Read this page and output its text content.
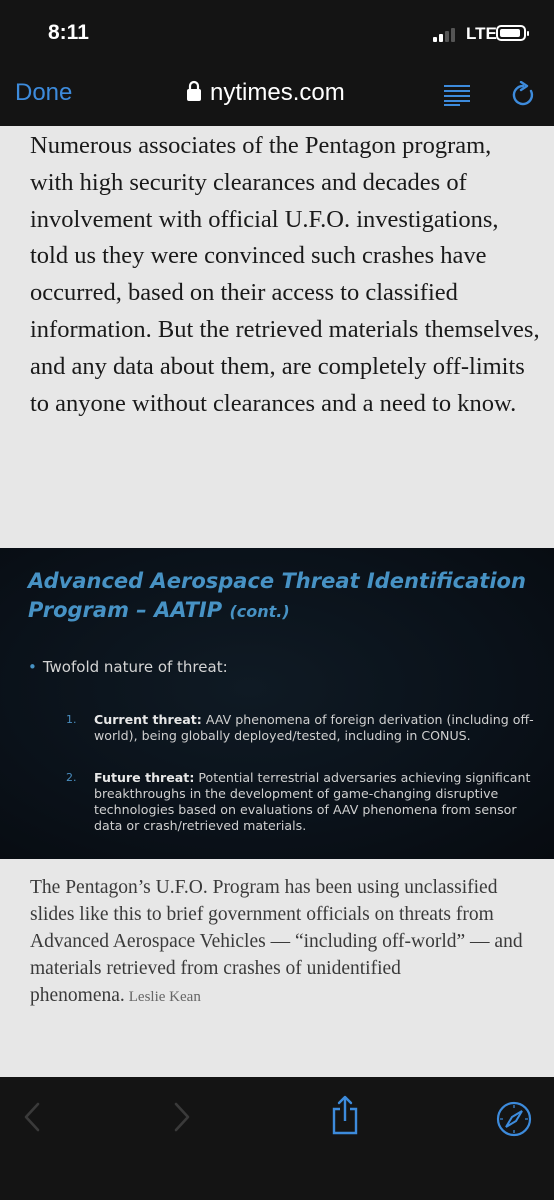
8:11	LTE
Done	nytimes.com

Numerous associates of the Pentagon program, with high security clearances and decades of involvement with official U.F.O. investigations, told us they were convinced such crashes have occurred, based on their access to classified information. But the retrieved materials themselves, and any data about them, are completely off-limits to anyone without clearances and a need to know.

Advanced Aerospace Threat Identification Program – AATIP (cont.)

• Twofold nature of threat:
1. Current threat: AAV phenomena of foreign derivation (including off-world), being globally deployed/tested, including in CONUS.
2. Future threat: Potential terrestrial adversaries achieving significant breakthroughs in the development of game-changing disruptive technologies based on evaluations of AAV phenomena from sensor data or crash/retrieved materials.

The Pentagon’s U.F.O. Program has been using unclassified slides like this to brief government officials on threats from Advanced Aerospace Vehicles — “including off-world” — and materials retrieved from crashes of unidentified phenomena. Leslie Kean
